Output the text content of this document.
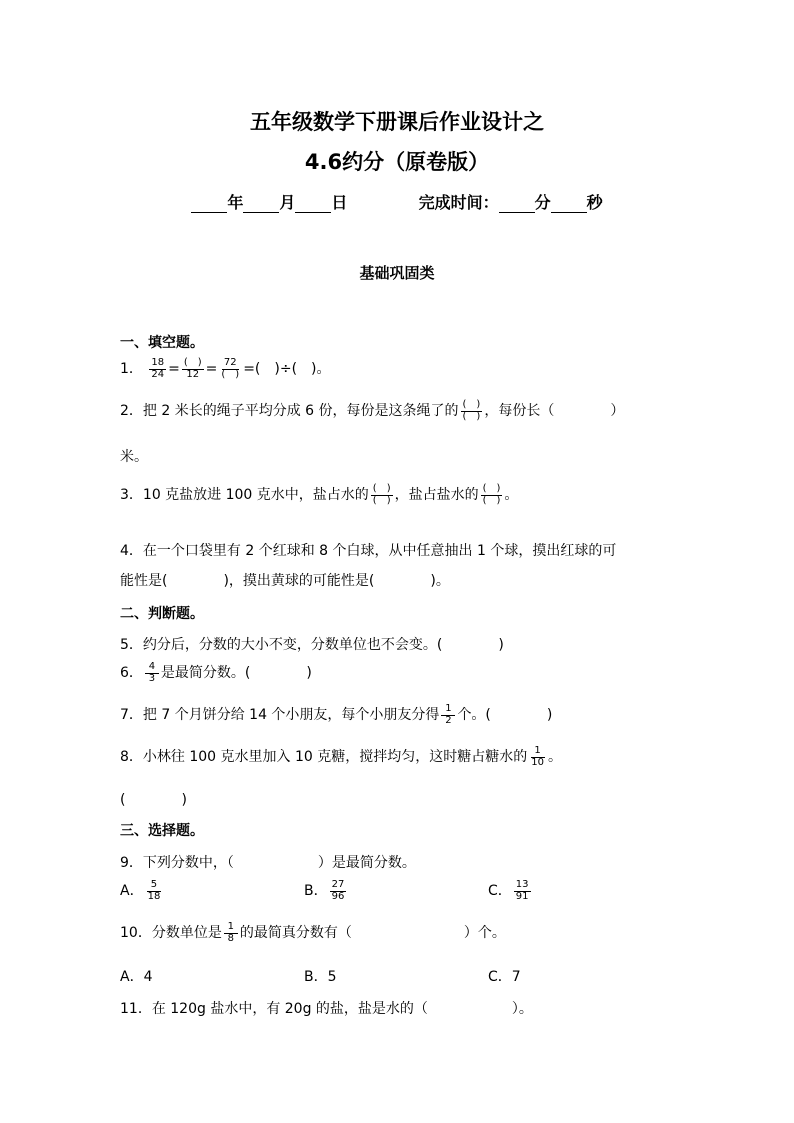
五年级数学下册课后作业设计之
4.6约分（原卷版）
年 月 日	完成时间： 分 秒
基础巩固类
一、填空题。
1． $\frac{18}{24} = \frac{( )}{12} = \frac{72}{( )}$ =(　)÷(　)。
2．把 2 米长的绳子平均分成 6 份，每份是这条绳了的 $\frac{( )}{( )}$ ，每份长（　　　　）
米。
3．10 克盐放进 100 克水中，盐占水的 $\frac{( )}{( )}$ ，盐占盐水的 $\frac{( )}{( )}$ 。
4．在一个口袋里有 2 个红球和 8 个白球，从中任意抽出 1 个球，摸出红球的可
能性是(　　　　)，摸出黄球的可能性是(　　　　)。
二、判断题。
5．约分后，分数的大小不变，分数单位也不会变。(　　　　)
6． $\frac{4}{3}$ 是最简分数。(　　　　)
7．把 7 个月饼分给 14 个小朋友，每个小朋友分得 $\frac{1}{2}$ 个。(　　　　)
8．小林往 100 克水里加入 10 克糖，搅拌均匀，这时糖占糖水的 $\frac{1}{10}$ 。
(　　　　)
三、选择题。
9．下列分数中，（　　　　　　）是最简分数。
A． $\frac{5}{18}$	B． $\frac{27}{96}$	C． $\frac{13}{91}$
10．分数单位是 $\frac{1}{8}$ 的最简真分数有（　　　　　　　　）个。
A．4	B．5	C．7
11．在 120g 盐水中，有 20g 的盐，盐是水的（　　　　　　）。
